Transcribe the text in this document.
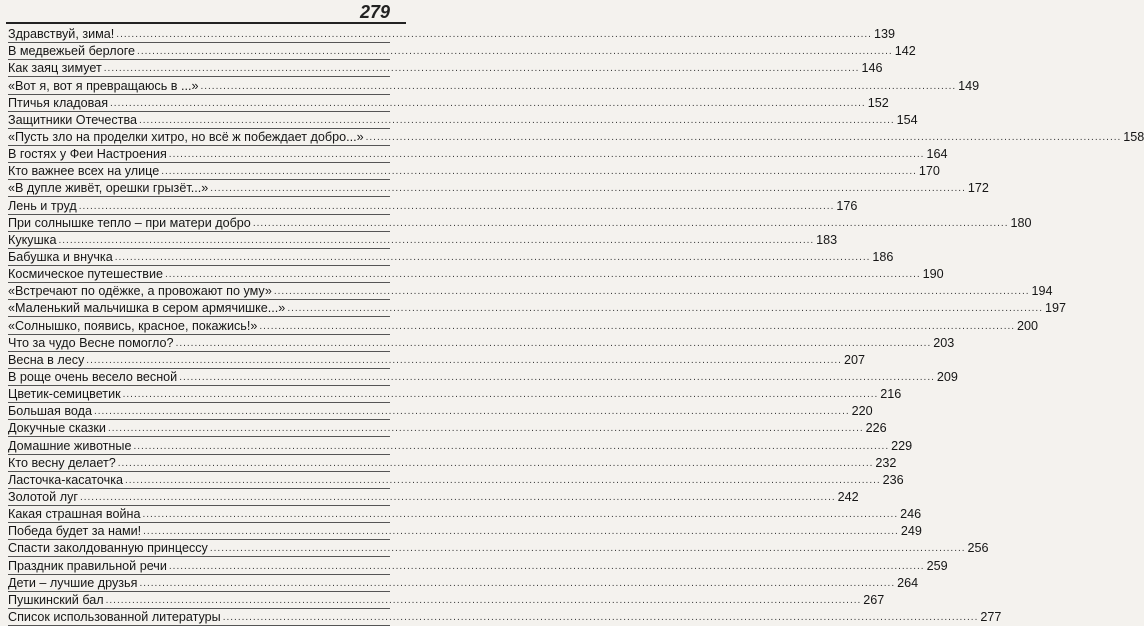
279
Здравствуй, зима! .....	139
В медвежьей берлоге .....	142
Как заяц зимует .....	146
«Вот я, вот я превращаюсь в ...» .....	149
Птичья кладовая .....	152
Защитники Отечества .....	154
«Пусть зло на проделки хитро, но всё ж побеждает добро...» .....	158
В гостях у Феи Настроения .....	164
Кто важнее всех на улице .....	170
«В дупле живёт, орешки грызёт...» .....	172
Лень и труд .....	176
При солнышке тепло – при матери добро .....	180
Кукушка .....	183
Бабушка и внучка .....	186
Космическое путешествие .....	190
«Встречают по одёжке, а провожают по уму» .....	194
«Маленький мальчишка в сером армячишке...» .....	197
«Солнышко, появись, красное, покажись!» .....	200
Что за чудо Весне помогло? .....	203
Весна в лесу .....	207
В роще очень весело весной .....	209
Цветик-семицветик .....	216
Большая вода .....	220
Докучные сказки .....	226
Домашние животные .....	229
Кто весну делает? .....	232
Ласточка-касаточка .....	236
Золотой луг .....	242
Какая страшная война .....	246
Победа будет за нами! .....	249
Спасти заколдованную принцессу .....	256
Праздник правильной речи .....	259
Дети – лучшие друзья .....	264
Пушкинский бал .....	267
Список использованной литературы .....	277
